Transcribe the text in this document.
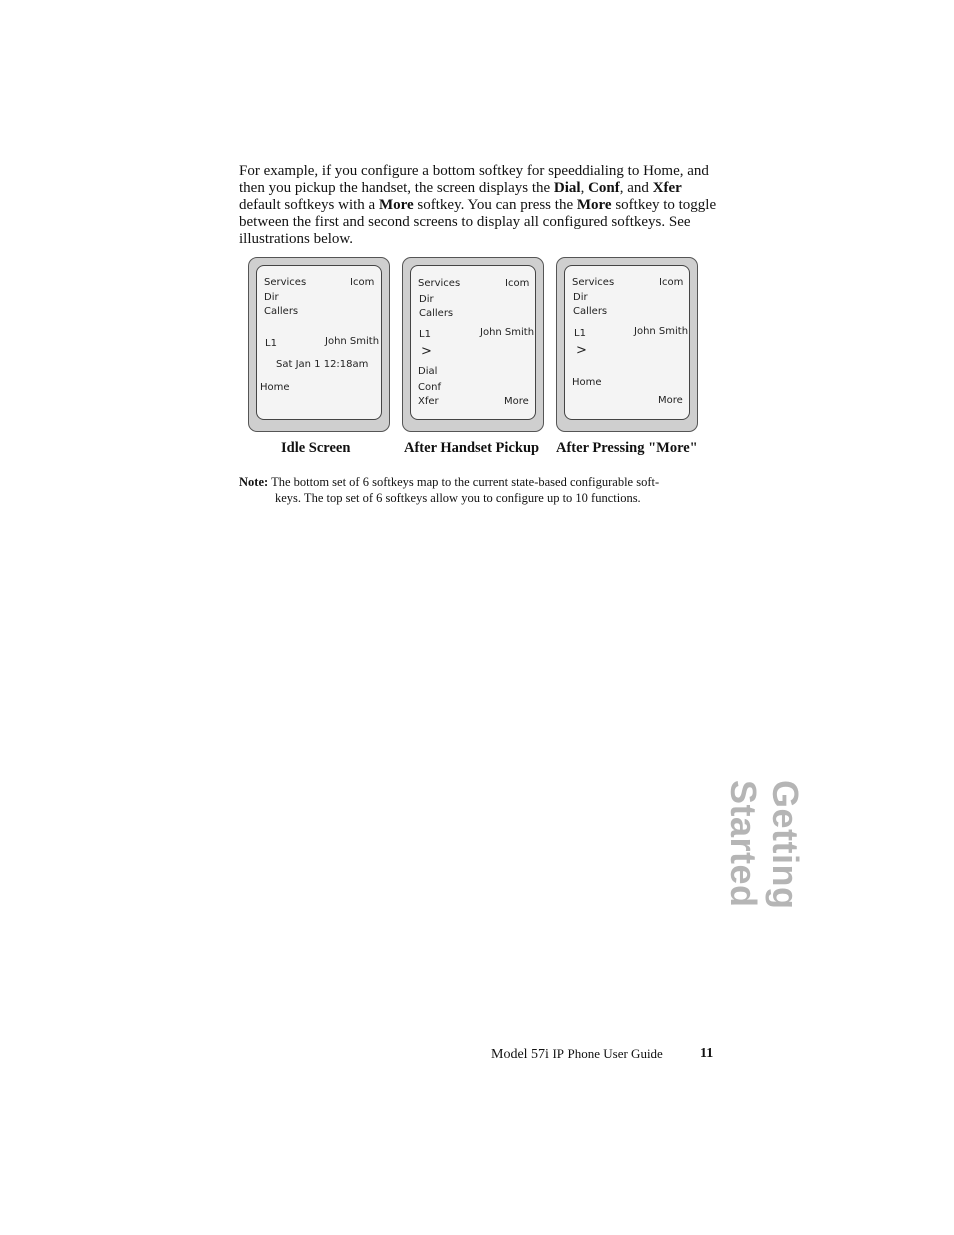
For example, if you configure a bottom softkey for speeddialing to Home, and then you pickup the handset, the screen displays the Dial, Conf, and Xfer default softkeys with a More softkey. You can press the More softkey to toggle between the first and second screens to display all configured softkeys. See illustrations below.

Services	Icom
Dir
Callers
John Smith
L1
Sat Jan 1 12:18am
Home
Services	Icom
Dir
Callers
John Smith
L1
>
Dial
Conf
Xfer	More
Services	Icom
Dir
Callers
John Smith
L1
>
Home
More
Idle Screen	After Handset Pickup After Pressing "More"
Note: The bottom set of 6 softkeys map to the current state-based configurable soft-
keys. The top set of 6 softkeys allow you to configure up to 10 functions.
Getting Started
Model 57i IP Phone User Guide	11
